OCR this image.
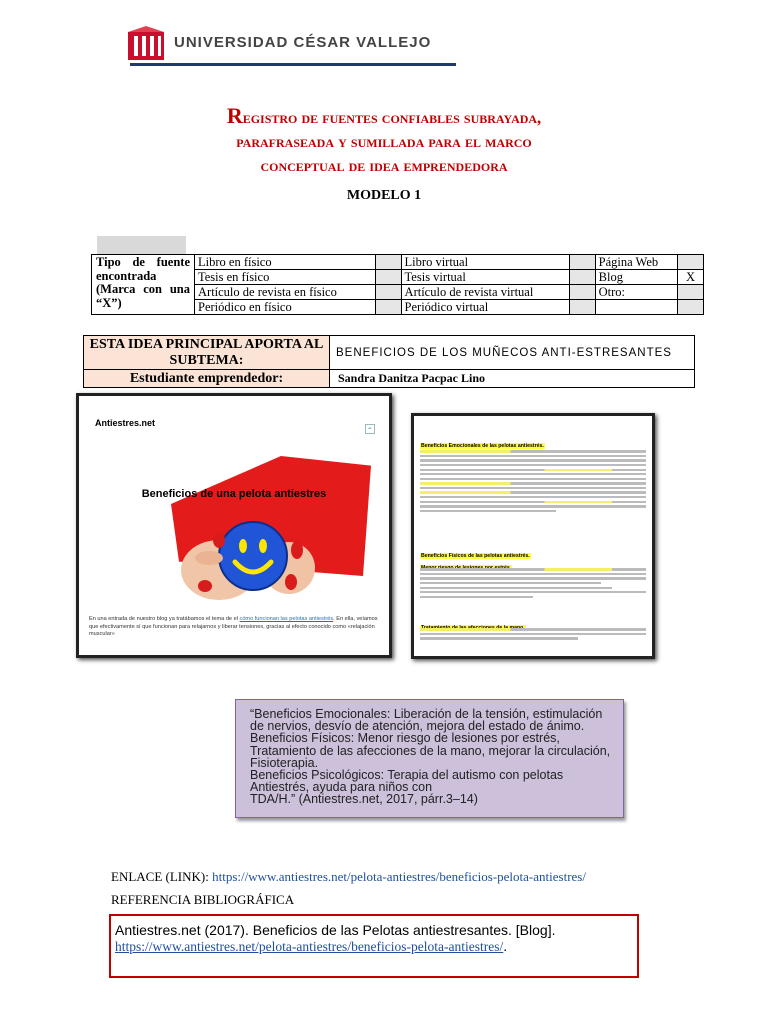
UNIVERSIDAD CÉSAR VALLEJO
Registro de fuentes confiables subrayada,
parafraseada y sumillada para el marco
conceptual de idea emprendedora
MODELO 1
Tipo de fuente encontrada (Marca con una “X”)	Libro en físico		Libro virtual		Página Web	
	Tesis en físico		Tesis virtual		Blog	X
	Artículo de revista en físico		Artículo de revista virtual		Otro:	
	Periódico en físico		Periódico virtual			
ESTA IDEA PRINCIPAL APORTA AL SUBTEMA:	BENEFICIOS DE LOS MUÑECOS ANTI-ESTRESANTES
Estudiante emprendedor:	Sandra Danitza Pacpac Lino
Antiestres.net
≡
Beneficios de una pelota antiestres
En una entrada de nuestro blog ya tratábamos el tema de el cómo funcionan las pelotas antiestrés. En ella, veíamos que efectivamente sí que funcionan para relajarnos y liberar tensiones, gracias al efecto conocido como «relajación muscular»
Beneficios Emocionales de las pelotas antiestrés.
Beneficios Físicos de las pelotas antiestrés.
“Beneficios Emocionales: Liberación de la tensión, estimulación
de nervios, desvío de atención, mejora del estado de ánimo.
Beneficios Físicos: Menor riesgo de lesiones por estrés,
Tratamiento de las afecciones de la mano, mejorar la circulación,
Fisioterapia.
Beneficios Psicológicos: Terapia del autismo con pelotas
Antiestrés, ayuda para niños con
TDA/H.” (Antiestres.net, 2017, párr.3–14)
ENLACE (LINK): https://www.antiestres.net/pelota-antiestres/beneficios-pelota-antiestres/
REFERENCIA BIBLIOGRÁFICA
Antiestres.net (2017). Beneficios de las Pelotas antiestresantes. [Blog].
https://www.antiestres.net/pelota-antiestres/beneficios-pelota-antiestres/.
